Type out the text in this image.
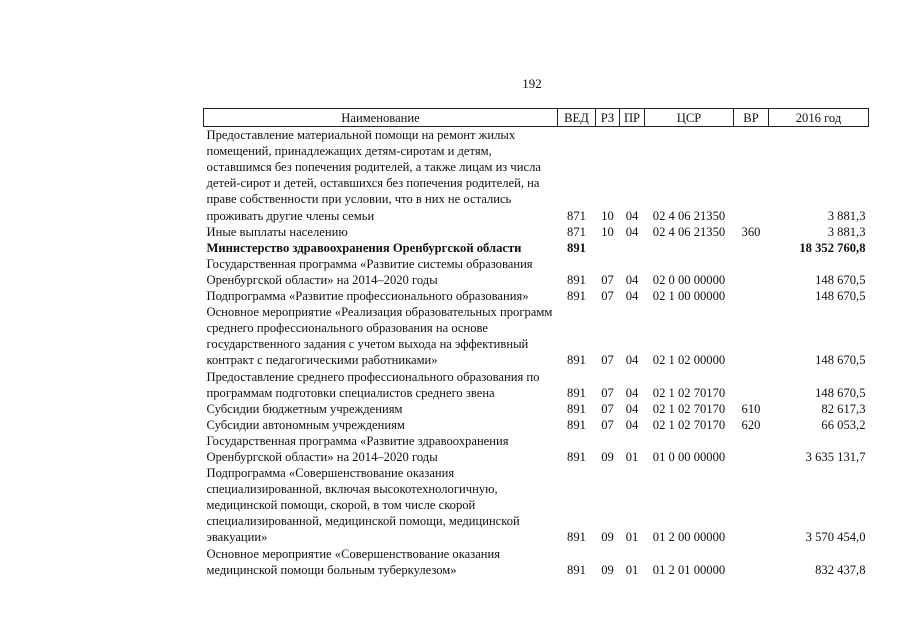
192
Наименование	ВЕД	РЗ	ПР	ЦСР	ВР	2016 год
Предоставление материальной помощи на ремонт жилых помещений, принадлежащих детям-сиротам и детям, оставшимся без попечения родителей, а также лицам из числа детей-сирот и детей, оставшихся без попечения родителей, на праве собственности при условии, что в них не остались проживать другие члены семьи	871	10	04	02 4 06 21350		3 881,3
Иные выплаты населению	871	10	04	02 4 06 21350	360	3 881,3
Министерство здравоохранения Оренбургской области	891					18 352 760,8
Государственная программа «Развитие системы образования Оренбургской области» на 2014–2020 годы	891	07	04	02 0 00 00000		148 670,5
Подпрограмма «Развитие профессионального образования»	891	07	04	02 1 00 00000		148 670,5
Основное мероприятие «Реализация образовательных программ среднего профессионального образования на основе государственного задания с учетом выхода на эффективный контракт с педагогическими работниками»	891	07	04	02 1 02 00000		148 670,5
Предоставление среднего профессионального образования по программам подготовки специалистов среднего звена	891	07	04	02 1 02 70170		148 670,5
Субсидии бюджетным учреждениям	891	07	04	02 1 02 70170	610	82 617,3
Субсидии автономным учреждениям	891	07	04	02 1 02 70170	620	66 053,2
Государственная программа «Развитие здравоохранения Оренбургской области» на 2014–2020 годы	891	09	01	01 0 00 00000		3 635 131,7
Подпрограмма «Совершенствование оказания специализированной, включая высокотехнологичную, медицинской помощи, скорой, в том числе скорой специализированной, медицинской помощи, медицинской эвакуации»	891	09	01	01 2 00 00000		3 570 454,0
Основное мероприятие «Совершенствование оказания медицинской помощи больным туберкулезом»	891	09	01	01 2 01 00000		832 437,8
